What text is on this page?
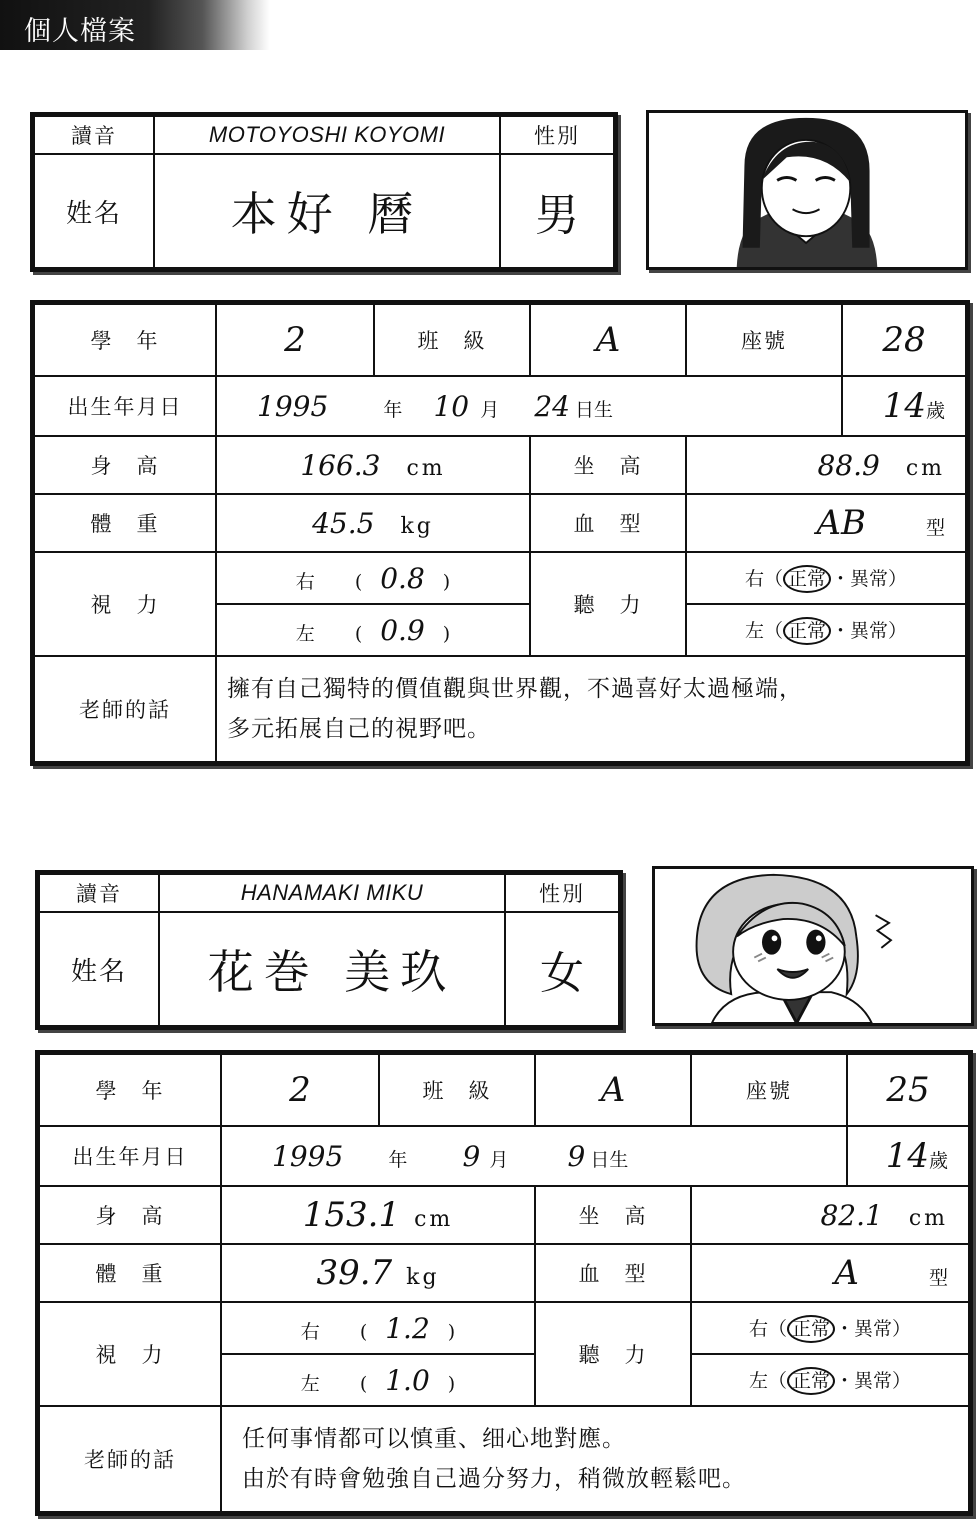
個人檔案
讀音	MOTOYOSHI KOYOMI	性別
姓名	本好 曆	男
學　年	2	班　級	A	座號	28
出生年月日	1995 年 10 月 24 日生				14歲
身　高	166.3 cm		坐　高	88.9 cm	
體　重	45.5 kg		血　型	AB 型	
視　力	右 (0.8 )		聽　力	右（ 正常 ・異常）	
	左 (0.9 )			左（ 正常 ・異常）	
老師的話	擁有自己獨特的價值觀與世界觀，不過喜好太過極端，
多元拓展自己的視野吧。				
讀音	HANAMAKI MIKU	性別
姓名	花巻 美玖	女
學　年	2	班　級	A	座號	25
出生年月日	1995 年 9 月 9 日生				14歲
身　高	153.1 cm		坐　高	82.1 cm	
體　重	39.7 kg		血　型	A 型	
視　力	右 (1.2 )		聽　力	右（ 正常 ・異常）	
	左 (1.0 )			左（ 正常 ・異常）	
老師的話	任何事情都可以慎重、细心地對應。
由於有時會勉強自己過分努力，稍微放輕鬆吧。				
